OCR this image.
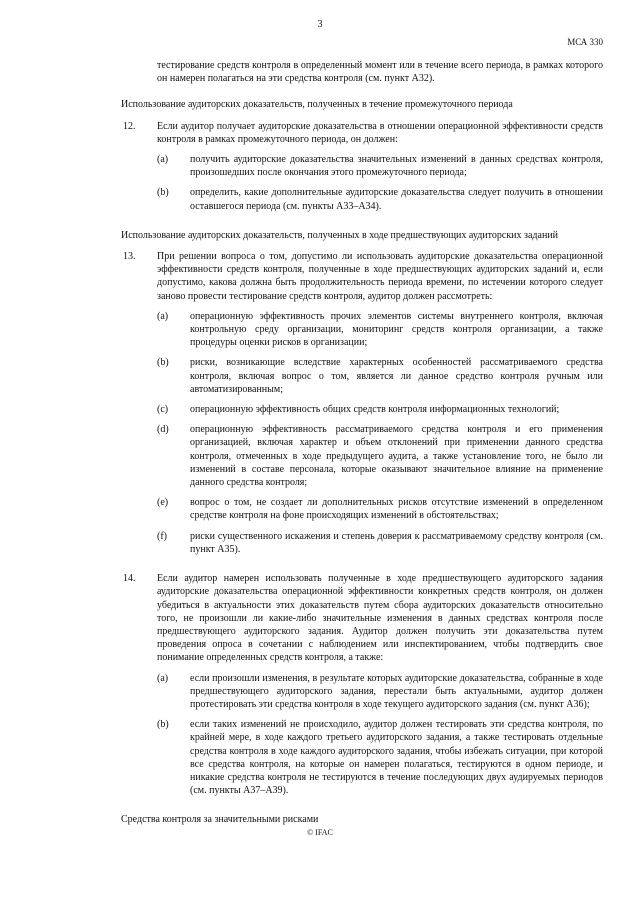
3
МСА 330
тестирование средств контроля в определенный момент или в течение всего периода, в рамках которого он намерен полагаться на эти средства контроля (см. пункт А32).
Использование аудиторских доказательств, полученных в течение промежуточного периода
12.	Если аудитор получает аудиторские доказательства в отношении операционной эффективности средств контроля в рамках промежуточного периода, он должен:
(a)	получить аудиторские доказательства значительных изменений в данных средствах контроля, произошедших после окончания этого промежуточного периода;
(b)	определить, какие дополнительные аудиторские доказательства следует получить в отношении оставшегося периода (см. пункты А33–А34).
Использование аудиторских доказательств, полученных в ходе предшествующих аудиторских заданий
13.	При решении вопроса о том, допустимо ли использовать аудиторские доказательства операционной эффективности средств контроля, полученные в ходе предшествующих аудиторских заданий и, если допустимо, какова должна быть продолжительность периода времени, по истечении которого следует заново провести тестирование средств контроля, аудитор должен рассмотреть:
(a)	операционную эффективность прочих элементов системы внутреннего контроля, включая контрольную среду организации, мониторинг средств контроля организации, а также процедуры оценки рисков в организации;
(b)	риски, возникающие вследствие характерных особенностей рассматриваемого средства контроля, включая вопрос о том, является ли данное средство контроля ручным или автоматизированным;
(c)	операционную эффективность общих средств контроля информационных технологий;
(d)	операционную эффективность рассматриваемого средства контроля и его применения организацией, включая характер и объем отклонений при применении данного средства контроля, отмеченных в ходе предыдущего аудита, а также установление того, не было ли изменений в составе персонала, которые оказывают значительное влияние на применение данного средства контроля;
(e)	вопрос о том, не создает ли дополнительных рисков отсутствие изменений в определенном средстве контроля на фоне происходящих изменений в обстоятельствах;
(f)	риски существенного искажения и степень доверия к рассматриваемому средству контроля (см. пункт А35).
14.	Если аудитор намерен использовать полученные в ходе предшествующего аудиторского задания аудиторские доказательства операционной эффективности конкретных средств контроля, он должен убедиться в актуальности этих доказательств путем сбора аудиторских доказательств относительно того, не произошли ли какие-либо значительные изменения в данных средствах контроля после предшествующего аудиторского задания. Аудитор должен получить эти доказательства путем проведения опроса в сочетании с наблюдением или инспектированием, чтобы подтвердить свое понимание определенных средств контроля, а также:
(a)	если произошли изменения, в результате которых аудиторские доказательства, собранные в ходе предшествующего аудиторского задания, перестали быть актуальными, аудитор должен протестировать эти средства контроля в ходе текущего аудиторского задания (см. пункт А36);
(b)	если таких изменений не происходило, аудитор должен тестировать эти средства контроля, по крайней мере, в ходе каждого третьего аудиторского задания, а также тестировать отдельные средства контроля в ходе каждого аудиторского задания, чтобы избежать ситуации, при которой все средства контроля, на которые он намерен полагаться, тестируются в одном периоде, и никакие средства контроля не тестируются в течение последующих двух аудируемых периодов (см. пункты А37–А39).
Средства контроля за значительными рисками
© IFAC
